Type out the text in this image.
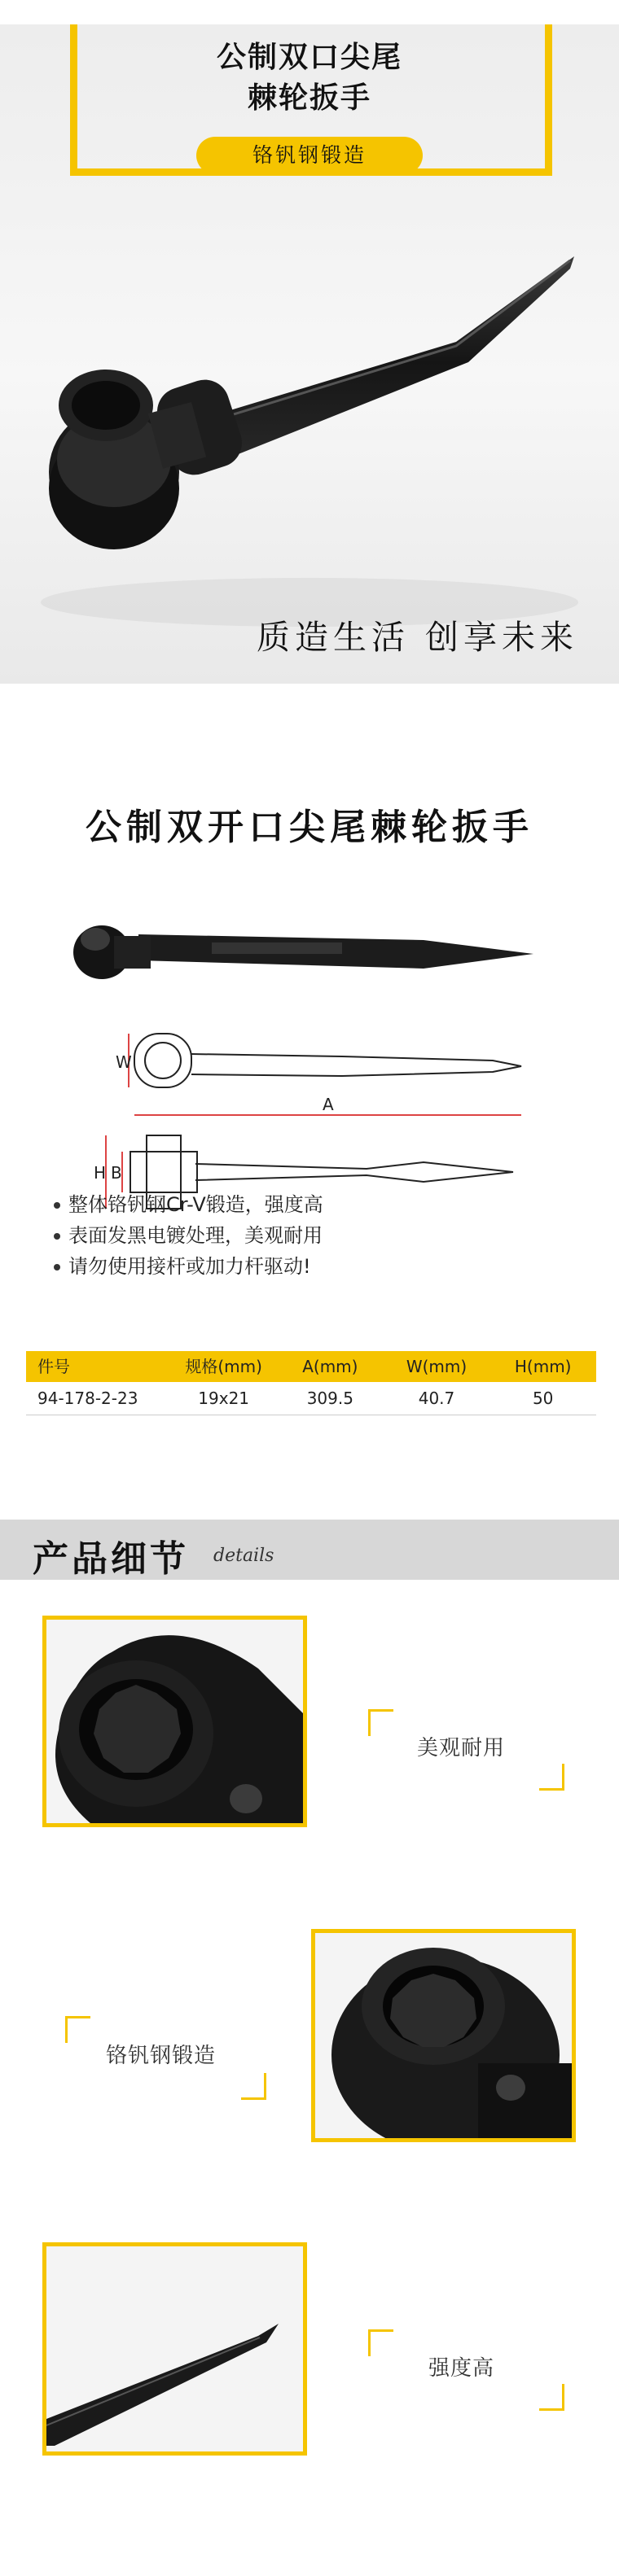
公制双口尖尾
棘轮扳手
铬钒钢锻造
质造生活 创享未来
公制双开口尖尾棘轮扳手
W
A
H B
整体铬钒钢Cr-V锻造，强度高
表面发黑电镀处理，美观耐用
请勿使用接杆或加力杆驱动!
件号	规格(mm)	A(mm)	W(mm)	H(mm)
94-178-2-23	19x21	309.5	40.7	50
产品细节 details
美观耐用
铬钒钢锻造
强度高
